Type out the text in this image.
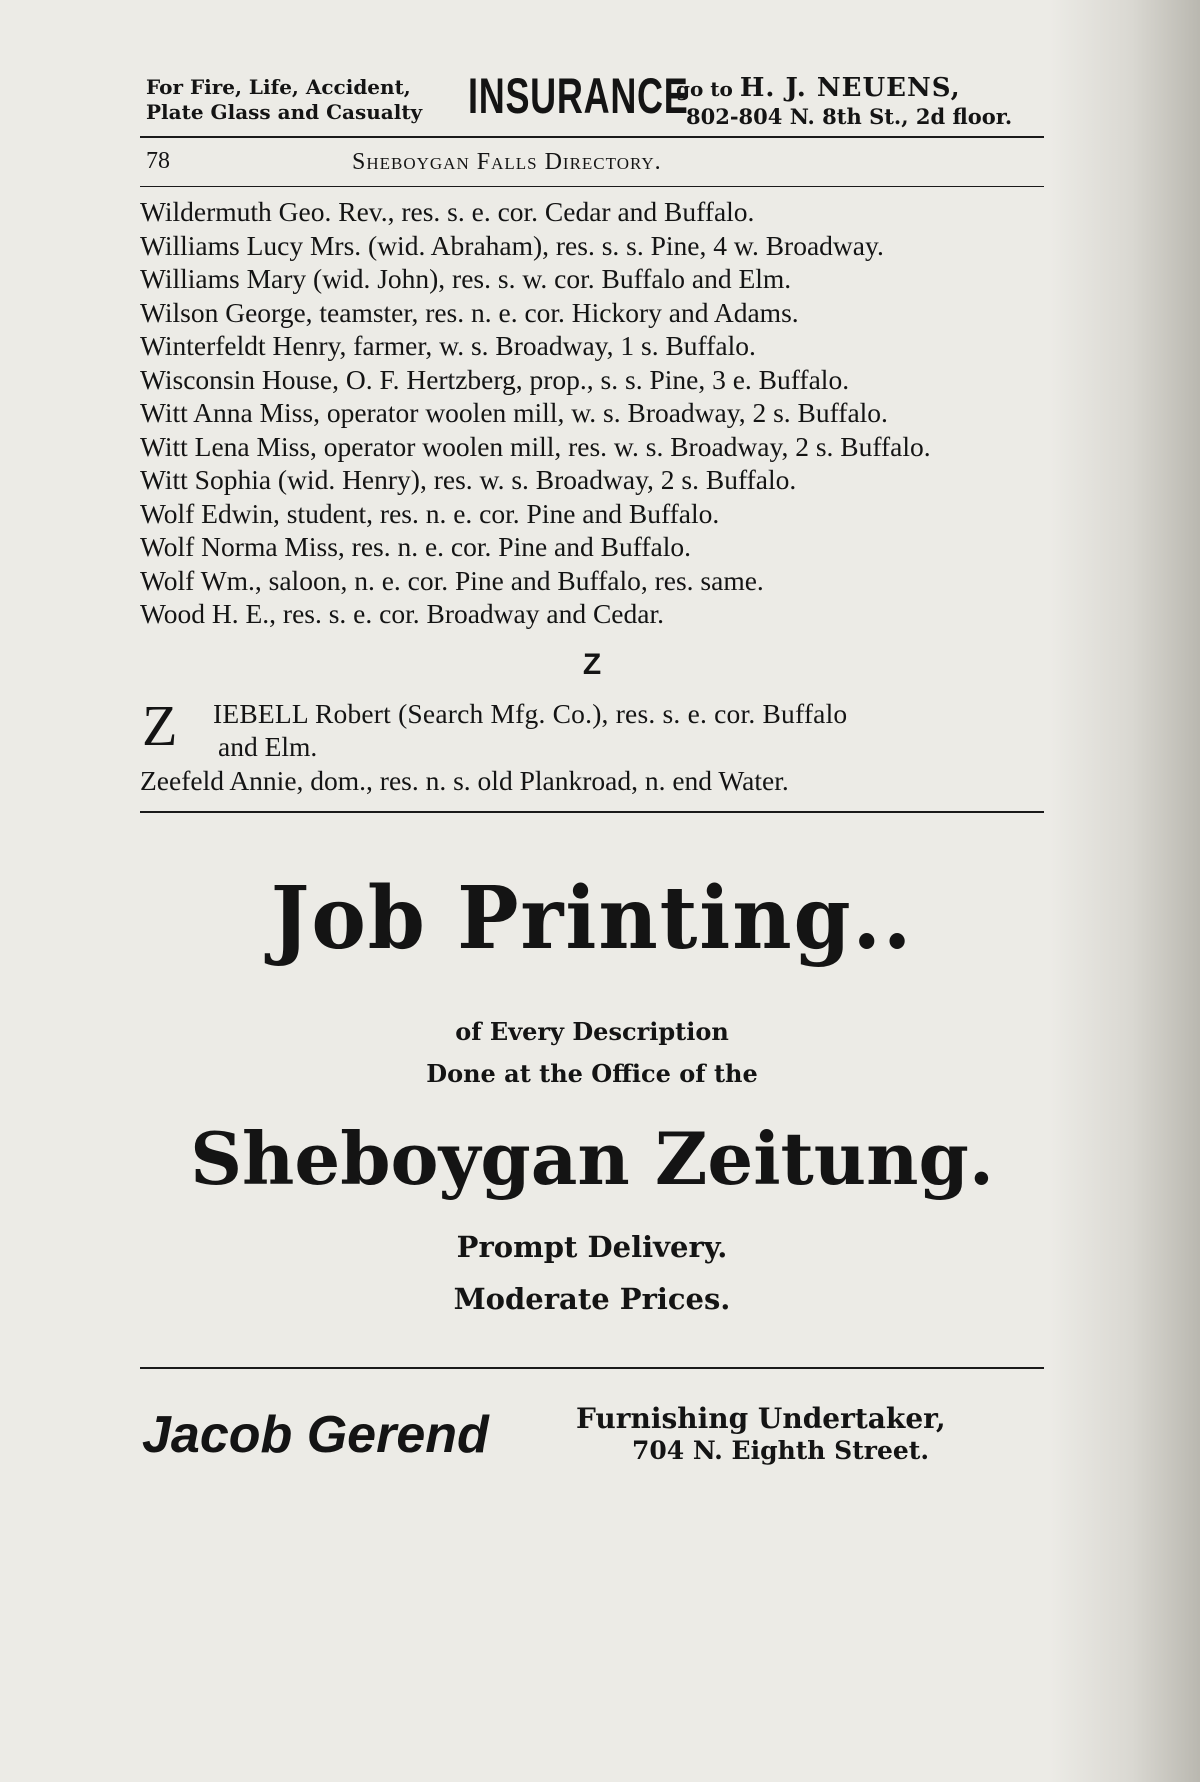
For Fire, Life, Accident,
Plate Glass and Casualty INSURANCE
go to H. J. NEUENS,
802-804 N. 8th St., 2d floor.
78	Sheboygan Falls Directory.
Wildermuth Geo. Rev., res. s. e. cor. Cedar and Buffalo.
Williams Lucy Mrs. (wid. Abraham), res. s. s. Pine, 4 w. Broadway.
Williams Mary (wid. John), res. s. w. cor. Buffalo and Elm.
Wilson George, teamster, res. n. e. cor. Hickory and Adams.
Winterfeldt Henry, farmer, w. s. Broadway, 1 s. Buffalo.
Wisconsin House, O. F. Hertzberg, prop., s. s. Pine, 3 e. Buffalo.
Witt Anna Miss, operator woolen mill, w. s. Broadway, 2 s. Buffalo.
Witt Lena Miss, operator woolen mill, res. w. s. Broadway, 2 s. Buffalo.
Witt Sophia (wid. Henry), res. w. s. Broadway, 2 s. Buffalo.
Wolf Edwin, student, res. n. e. cor. Pine and Buffalo.
Wolf Norma Miss, res. n. e. cor. Pine and Buffalo.
Wolf Wm., saloon, n. e. cor. Pine and Buffalo, res. same.
Wood H. E., res. s. e. cor. Broadway and Cedar.
Z
Z IEBELL Robert (Search Mfg. Co.), res. s. e. cor. Buffalo
and Elm.
Zeefeld Annie, dom., res. n. s. old Plankroad, n. end Water.
Job Printing..
of Every Description
Done at the Office of the
Sheboygan Zeitung.
Prompt Delivery.
Moderate Prices.
Jacob Gerend	Furnishing Undertaker,
704 N. Eighth Street.
